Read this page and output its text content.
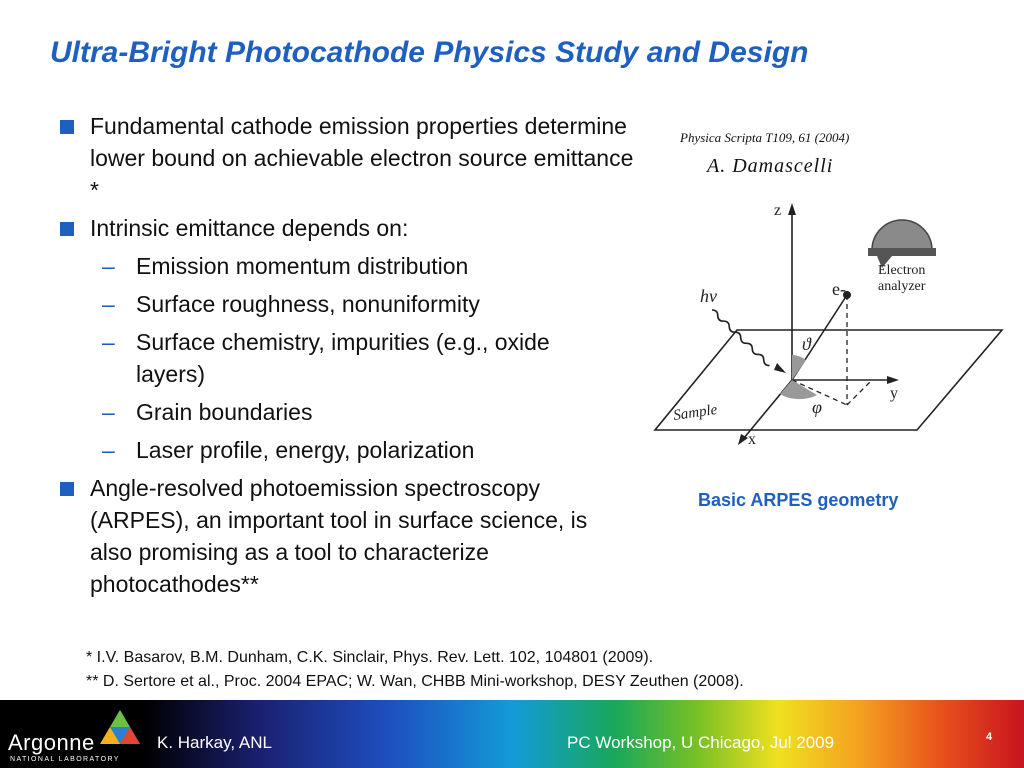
Ultra-Bright Photocathode Physics Study and Design
Fundamental cathode emission properties determine lower bound on achievable electron source emittance *
Intrinsic emittance depends on:
– Emission momentum distribution
– Surface roughness, nonuniformity
– Surface chemistry, impurities (e.g., oxide layers)
– Grain boundaries
– Laser profile, energy, polarization
Angle-resolved photoemission spectroscopy (ARPES), an important tool in surface science, is also promising as a tool to characterize photocathodes**
Physica Scripta T109, 61 (2004)
A. Damascelli
z
e-
Electron
analyzer
hν
ϑ
φ
y
x
Sample
Basic ARPES geometry
* I.V. Basarov, B.M. Dunham, C.K. Sinclair, Phys. Rev. Lett. 102, 104801 (2009).
** D. Sertore et al., Proc. 2004 EPAC; W. Wan, CHBB Mini-workshop, DESY Zeuthen (2008).
Argonne
NATIONAL LABORATORY
K. Harkay, ANL	PC Workshop, U Chicago, Jul 2009	4
